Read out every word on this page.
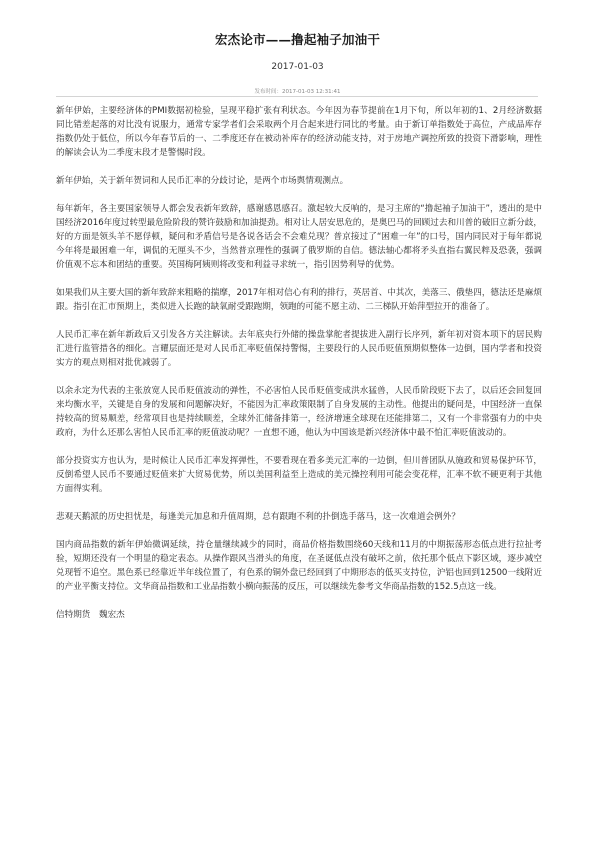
宏杰论市——撸起袖子加油干
2017-01-03
发布时间：2017-01-03 12:31:41

新年伊始，主要经济体的PMI数据初检验，呈现平稳扩张有利状态。今年因为春节提前在1月下旬，所以年初的1、2月经济数据同比错差起落的对比没有说服力，通常专家学者们会采取两个月合起来进行同比的考量。由于新订单指数处于高位，产成品库存指数仍处于低位，所以今年春节后的一、二季度还存在被动补库存的经济动能支持，对于房地产调控所致的投资下滑影响，理性的解读会认为二季度末段才是警惕时段。

新年伊始，关于新年贺词和人民币汇率的分歧讨论，是两个市场舆情观测点。

每年新年，各主要国家领导人都会发表新年致辞，感谢感恩感召。激起较大反响的，是习主席的“撸起袖子加油干”，透出的是中国经济2016年度过转型最危险阶段的赞许鼓励和加油提劲。相对让人居安思危的，是奥巴马的回顾过去和川普的破旧立新分歧，好的方面是领头羊不愿俘顿，疑问和矛盾信号是各说各话会不会难兑现？普京接过了“困难一年”的口号，国内同民对于每年都说今年将是最困难一年，调侃的无厘头不少，当然普京理性的强调了俄罗斯的自信。德法轴心都将矛头直指右翼民粹及恐袭，强调价值观不忘本和团结的重要。英国梅阿姨则将改变和利益寻求统一，指引因势利导的优势。

如果我们从主要大国的新年致辞来粗略的揣摩，2017年相对信心有利的排行，英居首、中其次，美落三、俄垫四，德法还是麻烦跟。指引在汇市预期上，类似进入长跑的缺氧耐受跟跑期，领跑的可能不愿主动、二三梯队开始萍型拉开的准备了。

人民币汇率在新年新政后又引发各方关注解读。去年底央行外储的操盘掌舵者提拔进入副行长序列，新年初对资本项下的居民购汇进行监管措各的细化。言耀层面还是对人民币汇率贬值保持警惕，主要段行的人民币贬值预期似整体一边倒，国内学者和投资实方的观点则相对批优减弱了。

以余永定为代表的主张放宽人民币贬值波动的弹性，不必害怕人民币贬值变成洪水猛兽，人民币阶段贬下去了，以后还会回复回来均衡水平，关键是自身的发展和问题解决好，不能因为汇率政策限制了自身发展的主动性。他提出的疑问是，中国经济一直保持较高的贸易顺差，经常项目也是持续顺差，全球外汇储备排第一，经济增速全球现在还能排第二，又有一个非常强有力的中央政府，为什么还那么害怕人民币汇率的贬值波动呢？一直想不通，他认为中国该是新兴经济体中最不怕汇率贬值波动的。

部分投资实方也认为，是时候让人民币汇率发挥弹性，不要看现在看多美元汇率的一边倒，但川普团队从施政和贸易保护环节，反倒希望人民币不要通过贬值来扩大贸易优势，所以美国利益至上造成的美元操控利用可能会变花样，汇率不软不硬更利于其他方面得实利。

悲观天鹅派的历史担忧是，每逢美元加息和升值周期，总有跟跑不利的扑倒选手落马，这一次难道会例外？

国内商品指数的新年伊始微调延续，持仓量继续减少的同时，商品价格指数围绕60天线和11月的中期振荡形态低点进行拉扯考验，短期还没有一个明显的稳定表态。从操作跟风当滑头的角度，在圣诞低点没有破坏之前，依托那个低点下影区域，逐步减空兑现暂不追空。黑色系已经靠近半年线位置了，有色系的铜外盘已经回到了中期形态的低买支持位，沪铝也回到12500一线附近的产业平衡支持位。文华商品指数和工业品指数小横向振荡的反压，可以继续先参考文华商品指数的152.5点这一线。

信特期货　魏宏杰
